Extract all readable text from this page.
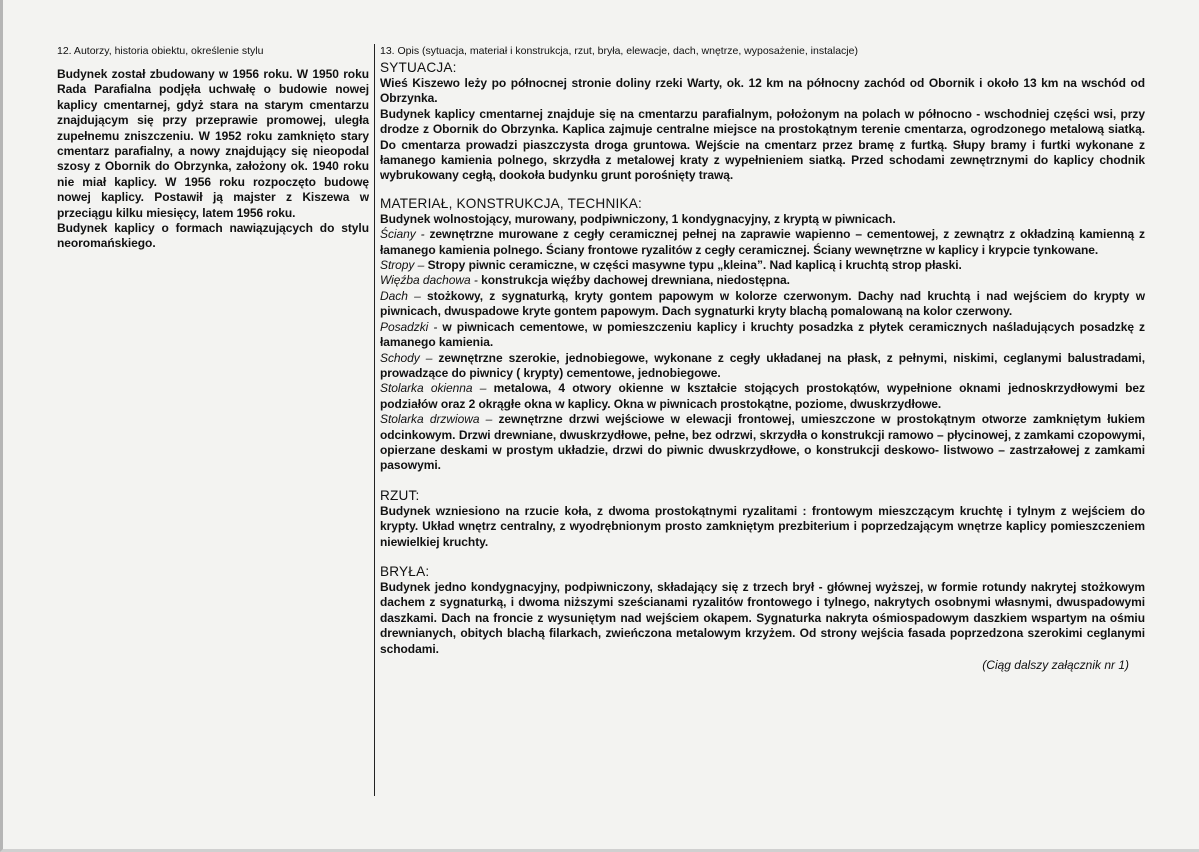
12. Autorzy, historia obiektu, określenie stylu

Budynek został zbudowany w 1956 roku. W 1950 roku Rada Parafialna podjęła uchwałę o budowie nowej kaplicy cmentarnej, gdyż stara na starym cmentarzu znajdującym się przy przeprawie promowej, uległa zupełnemu zniszczeniu. W 1952 roku zamknięto stary cmentarz parafialny, a nowy znajdujący się nieopodal szosy z Obornik do Obrzynka, założony ok. 1940 roku nie miał kaplicy. W 1956 roku rozpoczęto budowę nowej kaplicy. Postawił ją majster z Kiszewa w przeciągu kilku miesięcy, latem 1956 roku.

Budynek kaplicy o formach nawiązujących do stylu neoromańskiego.

13. Opis (sytuacja, materiał i konstrukcja, rzut, bryła, elewacje, dach, wnętrze, wyposażenie, instalacje)
SYTUACJA:

Wieś Kiszewo leży po północnej stronie doliny rzeki Warty, ok. 12 km na północny zachód od Obornik i około 13 km na wschód od Obrzynka.

Budynek kaplicy cmentarnej znajduje się na cmentarzu parafialnym, położonym na polach w północno - wschodniej części wsi, przy drodze z Obornik do Obrzynka. Kaplica zajmuje centralne miejsce na prostokątnym terenie cmentarza, ogrodzonego metalową siatką. Do cmentarza prowadzi piaszczysta droga gruntowa. Wejście na cmentarz przez bramę z furtką. Słupy bramy i furtki wykonane z łamanego kamienia polnego, skrzydła z metalowej kraty z wypełnieniem siatką. Przed schodami zewnętrznymi do kaplicy chodnik wybrukowany cegłą, dookoła budynku grunt porośnięty trawą.

MATERIAŁ, KONSTRUKCJA, TECHNIKA:

Budynek wolnostojący, murowany, podpiwniczony, 1 kondygnacyjny, z kryptą w piwnicach.

Ściany - zewnętrzne murowane z cegły ceramicznej pełnej na zaprawie wapienno – cementowej, z zewnątrz z okładziną kamienną z łamanego kamienia polnego. Ściany frontowe ryzalitów z cegły ceramicznej. Ściany wewnętrzne w kaplicy i krypcie tynkowane.

Stropy – Stropy piwnic ceramiczne, w części masywne typu „kleina”. Nad kaplicą i kruchtą strop płaski.

Więźba dachowa - konstrukcja więźby dachowej drewniana, niedostępna.

Dach – stożkowy, z sygnaturką, kryty gontem papowym w kolorze czerwonym. Dachy nad kruchtą i nad wejściem do krypty w piwnicach, dwuspadowe kryte gontem papowym. Dach sygnaturki kryty blachą pomalowaną na kolor czerwony.

Posadzki - w piwnicach cementowe, w pomieszczeniu kaplicy i kruchty posadzka z płytek ceramicznych naśladujących posadzkę z łamanego kamienia.

Schody – zewnętrzne szerokie, jednobiegowe, wykonane z cegły układanej na płask, z pełnymi, niskimi, ceglanymi balustradami, prowadzące do piwnicy ( krypty) cementowe, jednobiegowe.

Stolarka okienna – metalowa, 4 otwory okienne w kształcie stojących prostokątów, wypełnione oknami jednoskrzydłowymi bez podziałów oraz 2 okrągłe okna w kaplicy. Okna w piwnicach prostokątne, poziome, dwuskrzydłowe.

Stolarka drzwiowa – zewnętrzne drzwi wejściowe w elewacji frontowej, umieszczone w prostokątnym otworze zamkniętym łukiem odcinkowym. Drzwi drewniane, dwuskrzydłowe, pełne, bez odrzwi, skrzydła o konstrukcji ramowo – płycinowej, z zamkami czopowymi, opierzane deskami w prostym układzie, drzwi do piwnic dwuskrzydłowe, o konstrukcji deskowo- listwowo – zastrzałowej z zamkami pasowymi.

RZUT:

Budynek wzniesiono na rzucie koła, z dwoma prostokątnymi ryzalitami : frontowym mieszczącym kruchtę i tylnym z wejściem do krypty. Układ wnętrz centralny, z wyodrębnionym prosto zamkniętym prezbiterium i poprzedzającym wnętrze kaplicy pomieszczeniem niewielkiej kruchty.

BRYŁA:

Budynek jedno kondygnacyjny, podpiwniczony, składający się z trzech brył - głównej wyższej, w formie rotundy nakrytej stożkowym dachem z sygnaturką, i dwoma niższymi sześcianami ryzalitów frontowego i tylnego, nakrytych osobnymi własnymi, dwuspadowymi daszkami. Dach na froncie z wysuniętym nad wejściem okapem. Sygnaturka nakryta ośmiospadowym daszkiem wspartym na ośmiu drewnianych, obitych blachą filarkach, zwieńczona metalowym krzyżem. Od strony wejścia fasada poprzedzona szerokimi ceglanymi schodami.

(Ciąg dalszy załącznik nr 1)
